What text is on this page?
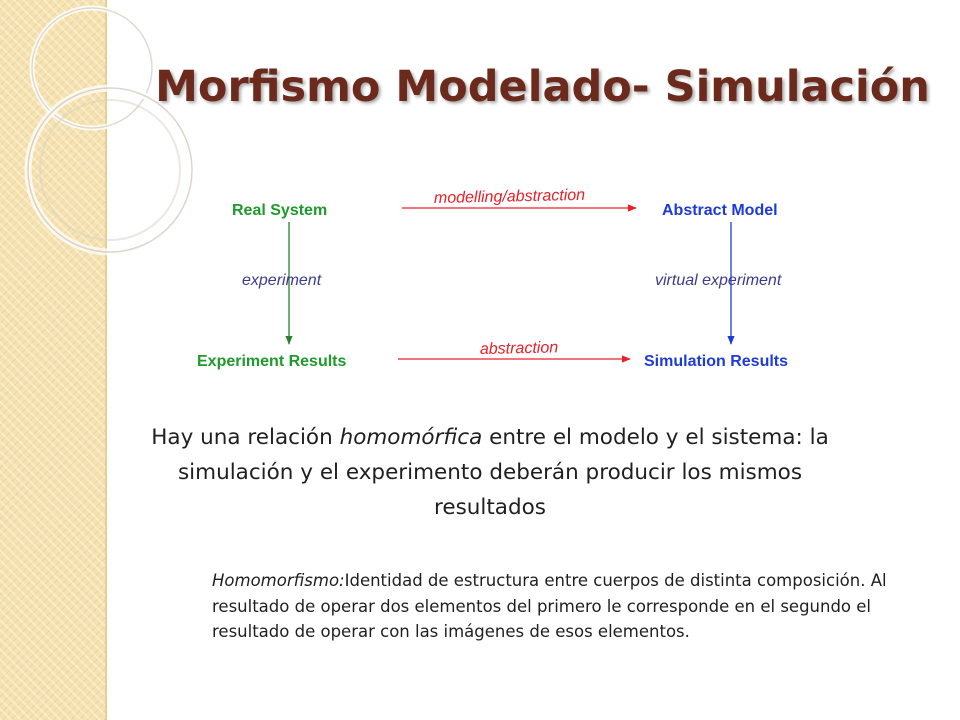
Morfismo Modelado- Simulación
Real System	Abstract Model
Experiment Results	Simulation Results
modelling/abstraction
abstraction
experiment	virtual experiment

Hay una relación homomórfica entre el modelo y el sistema: la simulación y el experimento deberán producir los mismos resultados

Homomorfismo:Identidad de estructura entre cuerpos de distinta composición. Al resultado de operar dos elementos del primero le corresponde en el segundo el resultado de operar con las imágenes de esos elementos.
